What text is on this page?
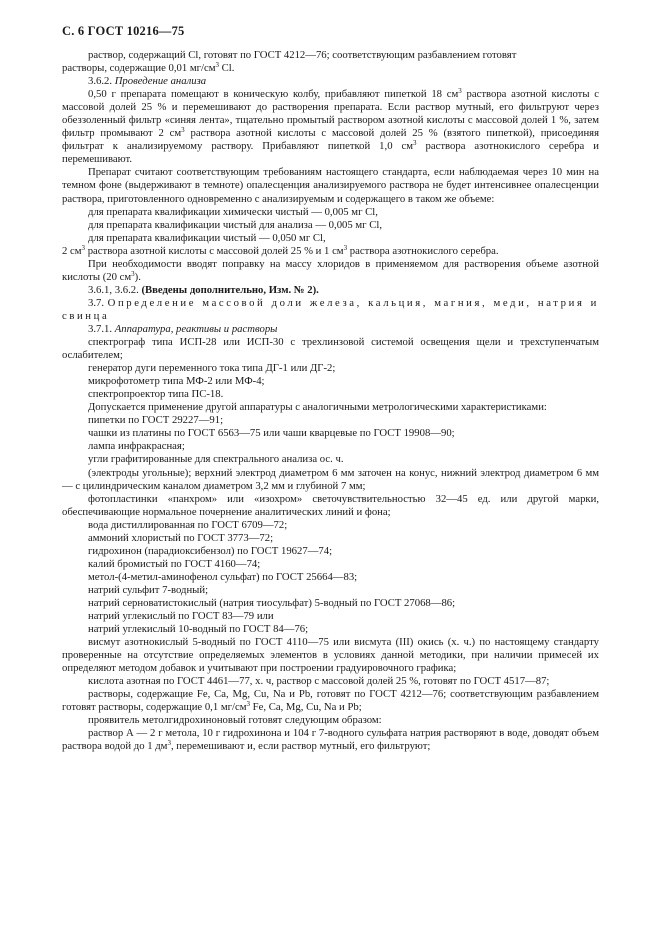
С. 6 ГОСТ 10216—75

раствор, содержащий Cl, готовят по ГОСТ 4212—76; соответствующим разбавлением готовят

растворы, содержащие 0,01 $мг/см^3$ Cl.

3.6.2. Проведение анализа

0,50 г препарата помещают в коническую колбу, прибавляют пипеткой 18 $см^3$ раствора азотной кислоты с массовой долей 25 % и перемешивают до растворения препарата. Если раствор мутный, его фильтруют через обеззоленный фильтр «синяя лента», тщательно промытый раствором азотной кислоты с массовой долей 1 %, затем фильтр промывают 2 $см^3$ раствора азотной кислоты с массовой долей 25 % (взятого пипеткой), присоединяя фильтрат к анализируемому раствору. Прибавляют пипеткой 1,0 $см^3$ раствора азотнокислого серебра и перемешивают.

Препарат считают соответствующим требованиям настоящего стандарта, если наблюдаемая через 10 мин на темном фоне (выдерживают в темноте) опалесценция анализируемого раствора не будет интенсивнее опалесценции раствора, приготовленного одновременно с анализируемым и содержащего в таком же объеме:

для препарата квалификации химически чистый — 0,005 мг Cl,

для препарата квалификации чистый для анализа — 0,005 мг Cl,

для препарата квалификации чистый — 0,050 мг Cl,

2 $см^3$ раствора азотной кислоты с массовой долей 25 % и 1 $см^3$ раствора азотнокислого серебра.

При необходимости вводят поправку на массу хлоридов в применяемом для растворения объеме азотной кислоты (20 $см^3$).

3.6.1, 3.6.2. (Введены дополнительно, Изм. № 2).

3.7. Определение массовой доли железа, кальция, магния, меди, натрия и свинца

3.7.1. Аппаратура, реактивы и растворы

спектрограф типа ИСП-28 или ИСП-30 с трехлинзовой системой освещения щели и трехступенчатым ослабителем;

генератор дуги переменного тока типа ДГ-1 или ДГ-2;

микрофотометр типа МФ-2 или МФ-4;

спектропроектор типа ПС-18.

Допускается применение другой аппаратуры с аналогичными метрологическими характеристиками:

пипетки по ГОСТ 29227—91;

чашки из платины по ГОСТ 6563—75 или чаши кварцевые по ГОСТ 19908—90;

лампа инфракрасная;

угли графитированные для спектрального анализа ос. ч.

(электроды угольные); верхний электрод диаметром 6 мм заточен на конус, нижний электрод диаметром 6 мм — с цилиндрическим каналом диаметром 3,2 мм и глубиной 7 мм;

фотопластинки «панхром» или «изохром» светочувствительностью 32—45 ед. или другой марки, обеспечивающие нормальное почернение аналитических линий и фона;

вода дистиллированная по ГОСТ 6709—72;

аммоний хлористый по ГОСТ 3773—72;

гидрохинон (парадиоксибензол) по ГОСТ 19627—74;

калий бромистый по ГОСТ 4160—74;

метол-(4-метил-аминофенол сульфат) по ГОСТ 25664—83;

натрий сульфит 7-водный;

натрий серноватистокислый (натрия тиосульфат) 5-водный по ГОСТ 27068—86;

натрий углекислый по ГОСТ 83—79 или

натрий углекислый 10-водный по ГОСТ 84—76;

висмут азотнокислый 5-водный по ГОСТ 4110—75 или висмута (III) окись (х. ч.) по настоящему стандарту проверенные на отсутствие определяемых элементов в условиях данной методики, при наличии примесей их определяют методом добавок и учитывают при построении градуировочного графика;

кислота азотная по ГОСТ 4461—77, х. ч, раствор с массовой долей 25 %, готовят по ГОСТ 4517—87;

растворы, содержащие Fe, Ca, Mg, Cu, Na и Pb, готовят по ГОСТ 4212—76; соответствующим разбавлением готовят растворы, содержащие 0,1 $мг/см^3$ Fe, Ca, Mg, Cu, Na и Pb;

проявитель метолгидрохиноновый готовят следующим образом:

раствор А — 2 г метола, 10 г гидрохинона и 104 г 7-водного сульфата натрия растворяют в воде, доводят объем раствора водой до 1 $дм^3$, перемешивают и, если раствор мутный, его фильтруют;
